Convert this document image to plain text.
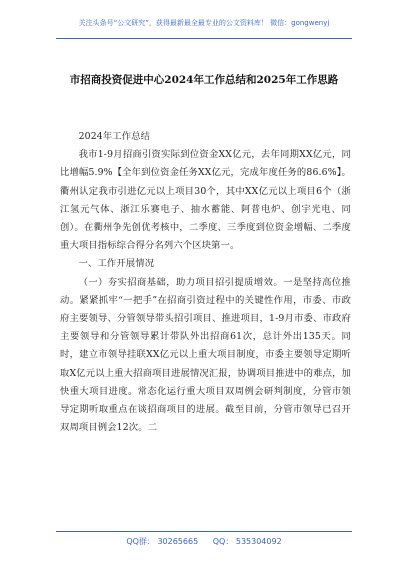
关注头条号“公文研究”，获得最新最全最专业的公文资料库！ 微信：gongwenyj
市招商投资促进中心2024年工作总结和2025年工作思路

2024年工作总结

我市1-9月招商引资实际到位资金XX亿元，去年同期XX亿元，同比增幅5.9%【全年到位资金任务XX亿元，完成年度任务的86.6%】。衢州认定我市引进亿元以上项目30个，其中XX亿元以上项目6个（浙江氢元气体、浙江乐赛电子、抽水蓄能、阿普电炉、创宇光电、同创）。在衢州争先创优考核中，二季度、三季度到位资金增幅、二季度重大项目指标综合得分名列六个区块第一。

一、工作开展情况

（一）夯实招商基础，助力项目招引提质增效。一是坚持高位推动。紧紧抓牢“一把手”在招商引资过程中的关键性作用，市委、市政府主要领导、分管领导带头招引项目、推进项目，1-9月市委、市政府主要领导和分管领导累计带队外出招商61次，总计外出135天。同时，建立市领导挂联XX亿元以上重大项目制度，市委主要领导定期听取X亿元以上重大招商项目进展情况汇报，协调项目推进中的难点，加快重大项目进度。常态化运行重大项目双周例会研判制度，分管市领导定期听取重点在谈招商项目的进展。截至目前，分管市领导已召开双周项目例会12次。二

QQ群： 30265665 QQ： 535304092
